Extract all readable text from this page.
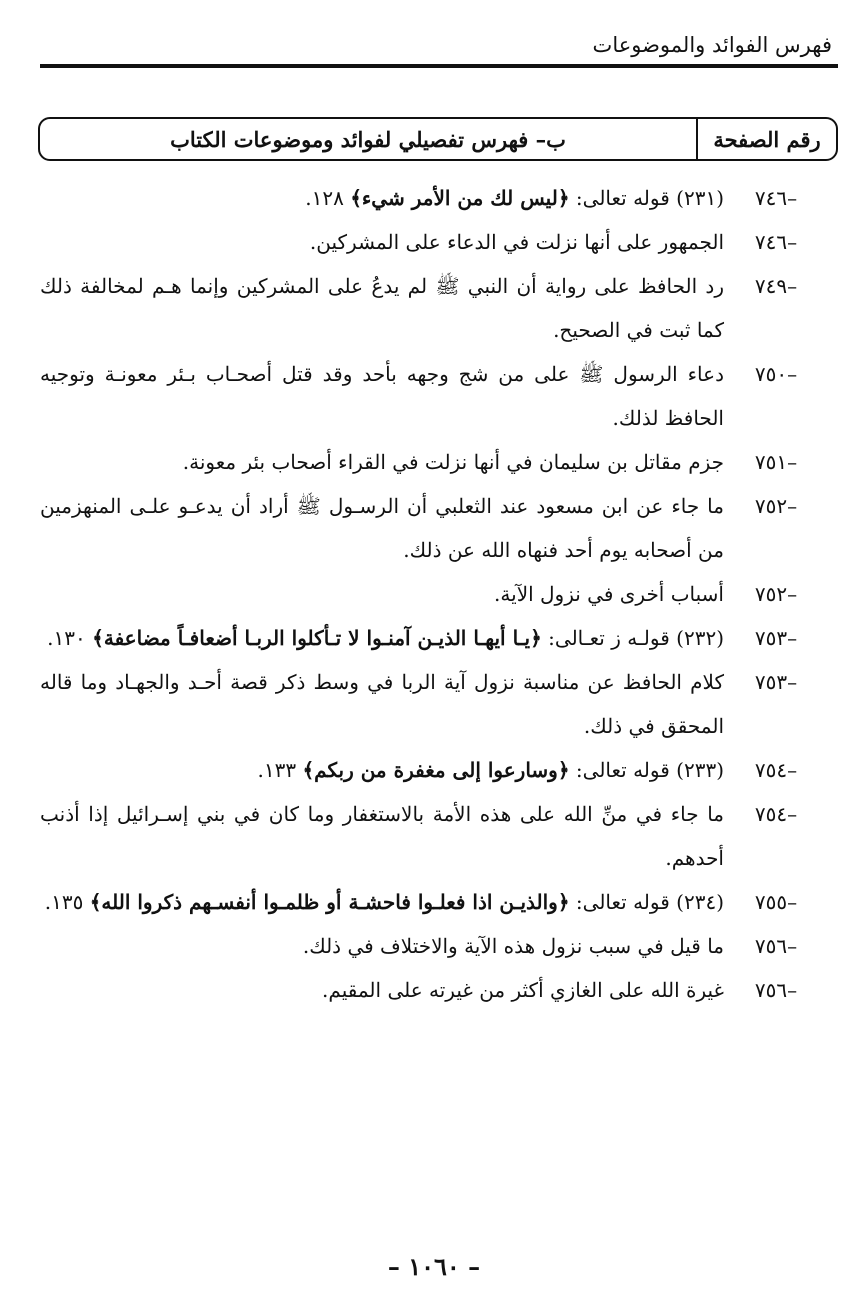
فهرس الفوائد والموضوعات
رقم الصفحة
ب– فهرس تفصيلي لفوائد وموضوعات الكتاب
–٧٤٦
(٢٣١) قوله تعالى: ﴿ليس لك من الأمر شيء﴾ ١٢٨.
–٧٤٦
الجمهور على أنها نزلت في الدعاء على المشركين.
–٧٤٩
رد الحافظ على رواية أن النبي ﷺ لم يدعُ على المشركين وإنما هـم لمخالفة ذلك كما ثبت في الصحيح.
–٧٥٠
دعاء الرسول ﷺ على من شج وجهه بأحد وقد قتل أصحـاب بـئر معونـة وتوجيه الحافظ لذلك.
–٧٥١
جزم مقاتل بن سليمان في أنها نزلت في القراء أصحاب بئر معونة.
–٧٥٢
ما جاء عن ابن مسعود عند الثعلبي أن الرسـول ﷺ أراد أن يدعـو علـى المنهزمين من أصحابه يوم أحد فنهاه الله عن ذلك.
–٧٥٢
أسباب أخرى في نزول الآية.
–٧٥٣
(٢٣٢) قولـه ز تعـالى: ﴿يـا أيهـا الذيـن آمنـوا لا تـأكلوا الربـا أضعافـاً مضاعفة﴾ ١٣٠.
–٧٥٣
كلام الحافظ عن مناسبة نزول آية الربا في وسط ذكر قصة أحـد والجهـاد وما قاله المحقق في ذلك.
–٧٥٤
(٢٣٣) قوله تعالى: ﴿وسارعوا إلى مغفرة من ربكم﴾ ١٣٣.
–٧٥٤
ما جاء في منِّ الله على هذه الأمة بالاستغفار وما كان في بني إسـرائيل إذا أذنب أحدهم.
–٧٥٥
(٢٣٤) قوله تعالى: ﴿والذيـن اذا فعلـوا فاحشـة أو ظلمـوا أنفسـهم ذكروا الله﴾ ١٣٥.
–٧٥٦
ما قيل في سبب نزول هذه الآية والاختلاف في ذلك.
–٧٥٦
غيرة الله على الغازي أكثر من غيرته على المقيم.
– ١٠٦٠ –
